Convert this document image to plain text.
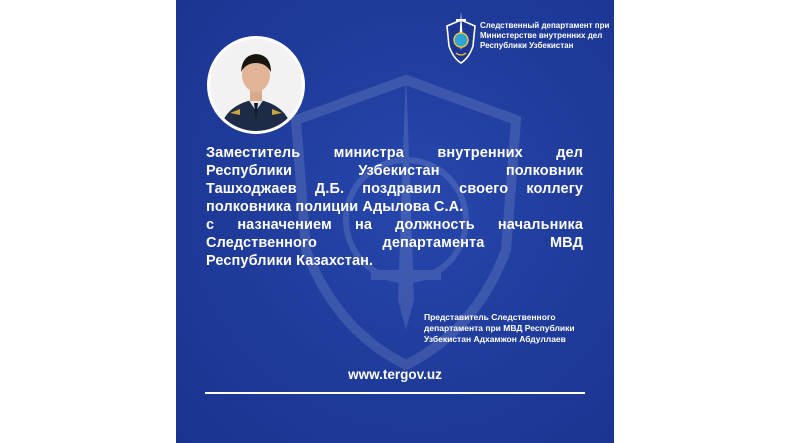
Следственный департамент при Министерстве внутренних дел Республики Узбекистан
Заместитель министра внутренних дел
Республики Узбекистан полковник
Ташходжаев Д.Б. поздравил своего коллегу
полковника полиции Адылова С.А.
с назначением на должность начальника
Следственного департамента МВД
Республики Казахстан.
Представитель Следственного
департамента при МВД Республики
Узбекистан Адхамжон Абдуллаев
www.tergov.uz
